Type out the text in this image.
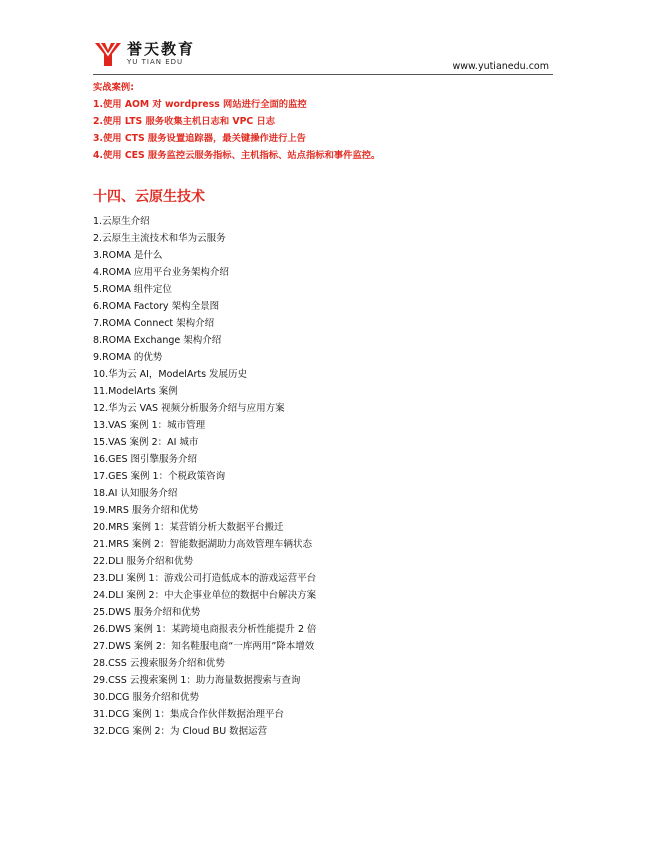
誉天教育
YU TIAN EDU	www.yutianedu.com
实战案例:
1.使用 AOM 对 wordpress 网站进行全面的监控
2.使用 LTS 服务收集主机日志和 VPC 日志
3.使用 CTS 服务设置追踪器，最关键操作进行上告
4.使用 CES 服务监控云服务指标、主机指标、站点指标和事件监控。
十四、云原生技术
1.云原生介绍
2.云原生主流技术和华为云服务
3.ROMA 是什么
4.ROMA 应用平台业务架构介绍
5.ROMA 组件定位
6.ROMA Factory 架构全景图
7.ROMA Connect 架构介绍
8.ROMA Exchange 架构介绍
9.ROMA 的优势
10.华为云 AI，ModelArts 发展历史
11.ModelArts 案例
12.华为云 VAS 视频分析服务介绍与应用方案
13.VAS 案例 1：城市管理
15.VAS 案例 2：AI 城市
16.GES 图引擎服务介绍
17.GES 案例 1：个税政策咨询
18.AI 认知服务介绍
19.MRS 服务介绍和优势
20.MRS 案例 1：某营销分析大数据平台搬迁
21.MRS 案例 2：智能数据湖助力高效管理车辆状态
22.DLI 服务介绍和优势
23.DLI 案例 1：游戏公司打造低成本的游戏运营平台
24.DLI 案例 2：中大企事业单位的数据中台解决方案
25.DWS 服务介绍和优势
26.DWS 案例 1：某跨境电商报表分析性能提升 2 倍
27.DWS 案例 2：知名鞋服电商“一库两用”降本增效
28.CSS 云搜索服务介绍和优势
29.CSS 云搜索案例 1：助力海量数据搜索与查询
30.DCG 服务介绍和优势
31.DCG 案例 1：集成合作伙伴数据治理平台
32.DCG 案例 2：为 Cloud BU 数据运营
